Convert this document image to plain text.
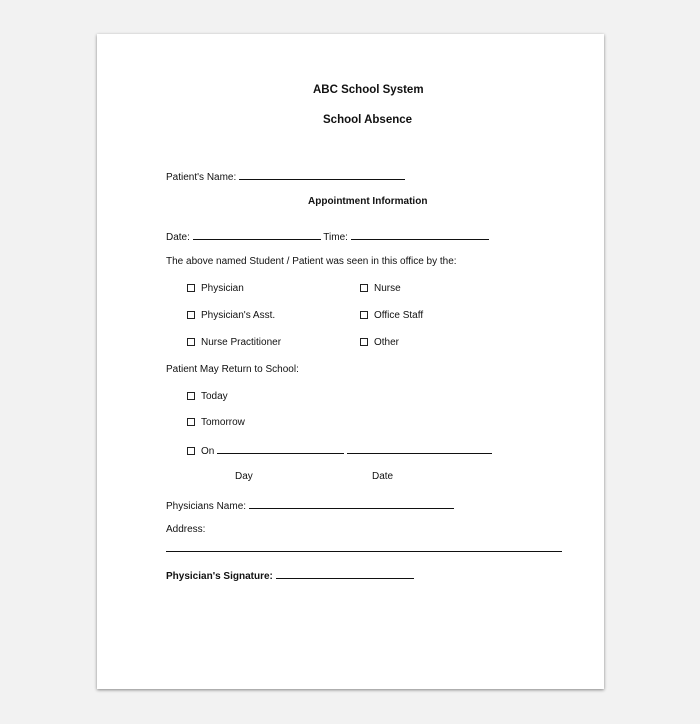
ABC School System
School Absence
Patient's Name:
Appointment Information
Date:	Time:
The above named Student / Patient was seen in this office by the:
Physician
Physician's Asst.
Nurse Practitioner
Nurse
Office Staff
Other
Patient May Return to School:
Today
Tomorrow
On
Day	Date
Physicians Name:
Address:
Physician's Signature:
